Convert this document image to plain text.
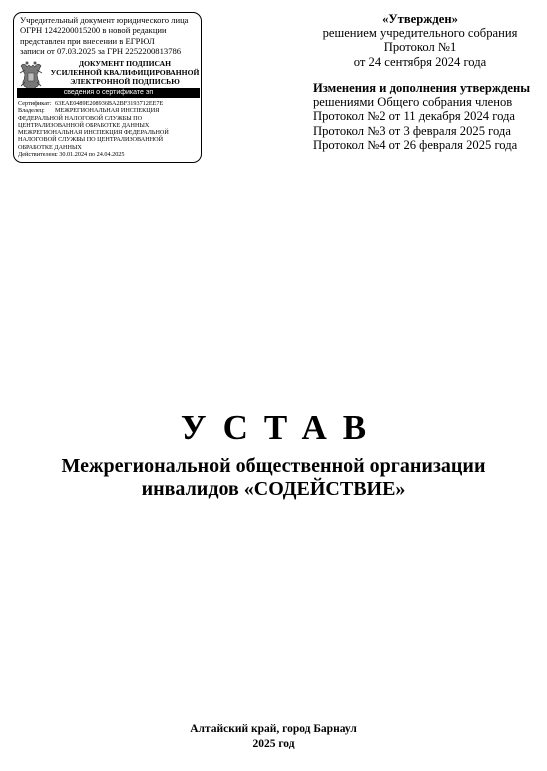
Учредительный документ юридического лица
ОГРН 1242200015200 в новой редакции
представлен при внесении в ЕГРЮЛ
записи от 07.03.2025 за ГРН 2252200813786
ДОКУМЕНТ ПОДПИСАН
УСИЛЕННОЙ КВАЛИФИЦИРОВАННОЙ
ЭЛЕКТРОННОЙ ПОДПИСЬЮ
сведения о сертификате эп
Сертификат: 63EAE0489E208936BA2BF3193712EE7E
Владелец:	МЕЖРЕГИОНАЛЬНАЯ ИНСПЕКЦИЯ
ФЕДЕРАЛЬНОЙ НАЛОГОВОЙ СЛУЖБЫ ПО
ЦЕНТРАЛИЗОВАННОЙ ОБРАБОТКЕ ДАННЫХ
МЕЖРЕГИОНАЛЬНАЯ ИНСПЕКЦИЯ ФЕДЕРАЛЬНОЙ
НАЛОГОВОЙ СЛУЖБЫ ПО ЦЕНТРАЛИЗОВАННОЙ
ОБРАБОТКЕ ДАННЫХ
Действителен:
с 30.01.2024 по 24.04.2025
«Утвержден»
решением учредительного собрания
Протокол №1
от 24 сентября 2024 года
Изменения и дополнения утверждены
решениями Общего собрания членов
Протокол №2 от 11 декабря 2024 года
Протокол №3 от 3 февраля 2025 года
Протокол №4 от 26 февраля 2025 года
УСТАВ
Межрегиональной общественной организации
инвалидов «СОДЕЙСТВИЕ»
Алтайский край, город Барнаул
2025 год
